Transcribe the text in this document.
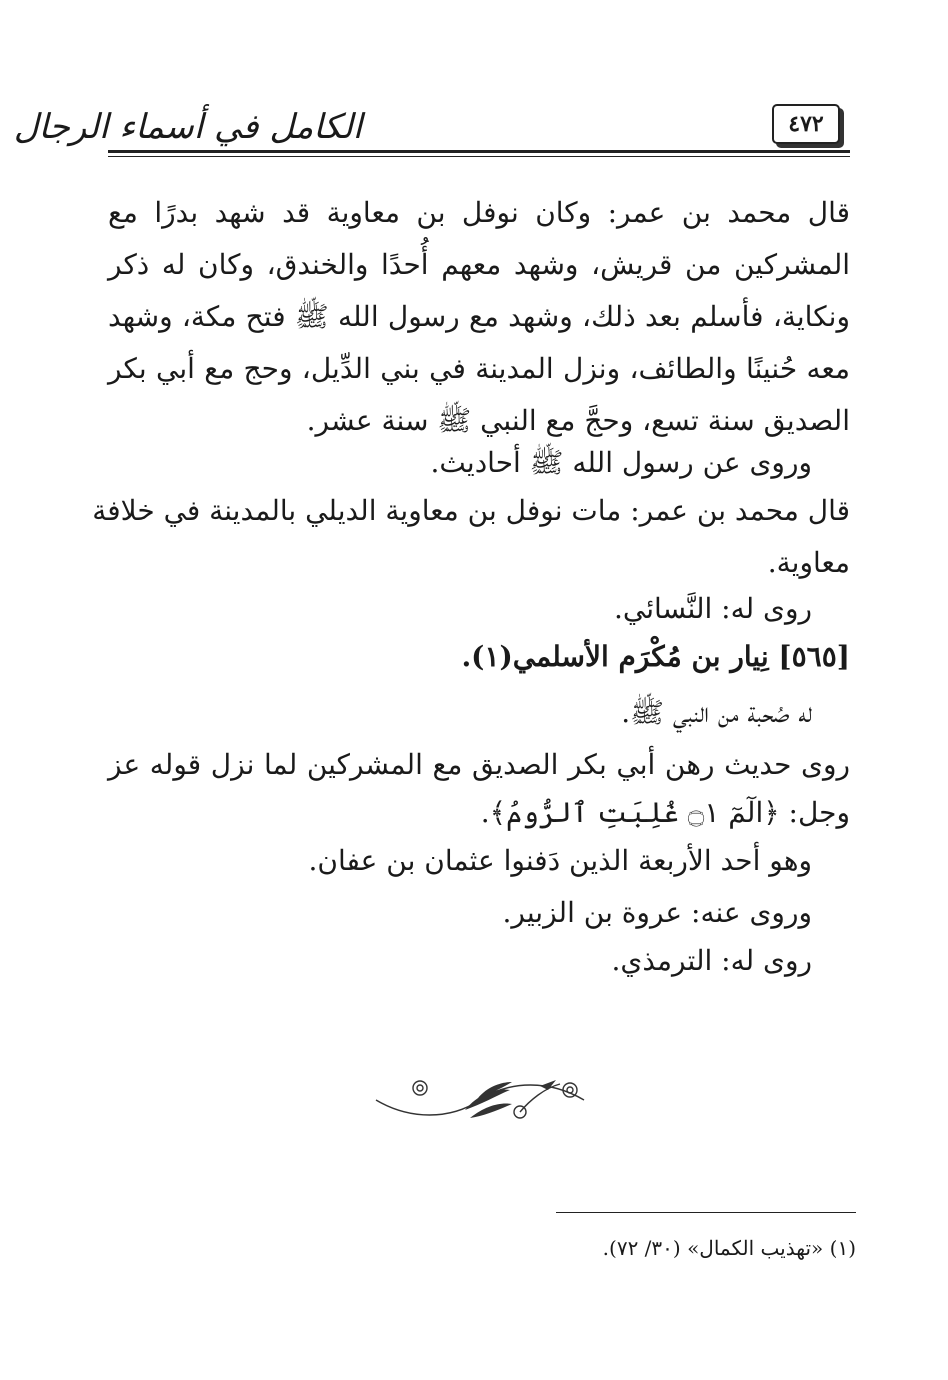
٤٧٢
الكامل في أسماء الرجال
قال محمد بن عمر: وكان نوفل بن معاوية قد شهد بدرًا مع
المشركين من قريش، وشهد معهم أُحدًا والخندق، وكان له ذكر
ونكاية، فأسلم بعد ذلك، وشهد مع رسول الله ﷺ فتح مكة، وشهد
معه حُنينًا والطائف، ونزل المدينة في بني الدِّيل، وحج مع أبي بكر
الصديق سنة تسع، وحجَّ مع النبي ﷺ سنة عشر.
وروى عن رسول الله ﷺ أحاديث.
قال محمد بن عمر: مات نوفل بن معاوية الديلي بالمدينة في خلافة
معاوية.
روى له: النَّسائي.
[٥٦٥] نِيار بن مُكْرَم الأسلمي(١).
له صُحبة من النبي ﷺ.
روى حديث رهن أبي بكر الصديق مع المشركين لما نزل قوله عز
وجل: ﴿الٓمٓ ۝١ غُلِبَتِ ٱلرُّومُ﴾.
وهو أحد الأربعة الذين دَفنوا عثمان بن عفان.
وروى عنه: عروة بن الزبير.
روى له: الترمذي.
(١) «تهذيب الكمال» (٣٠/ ٧٢).
